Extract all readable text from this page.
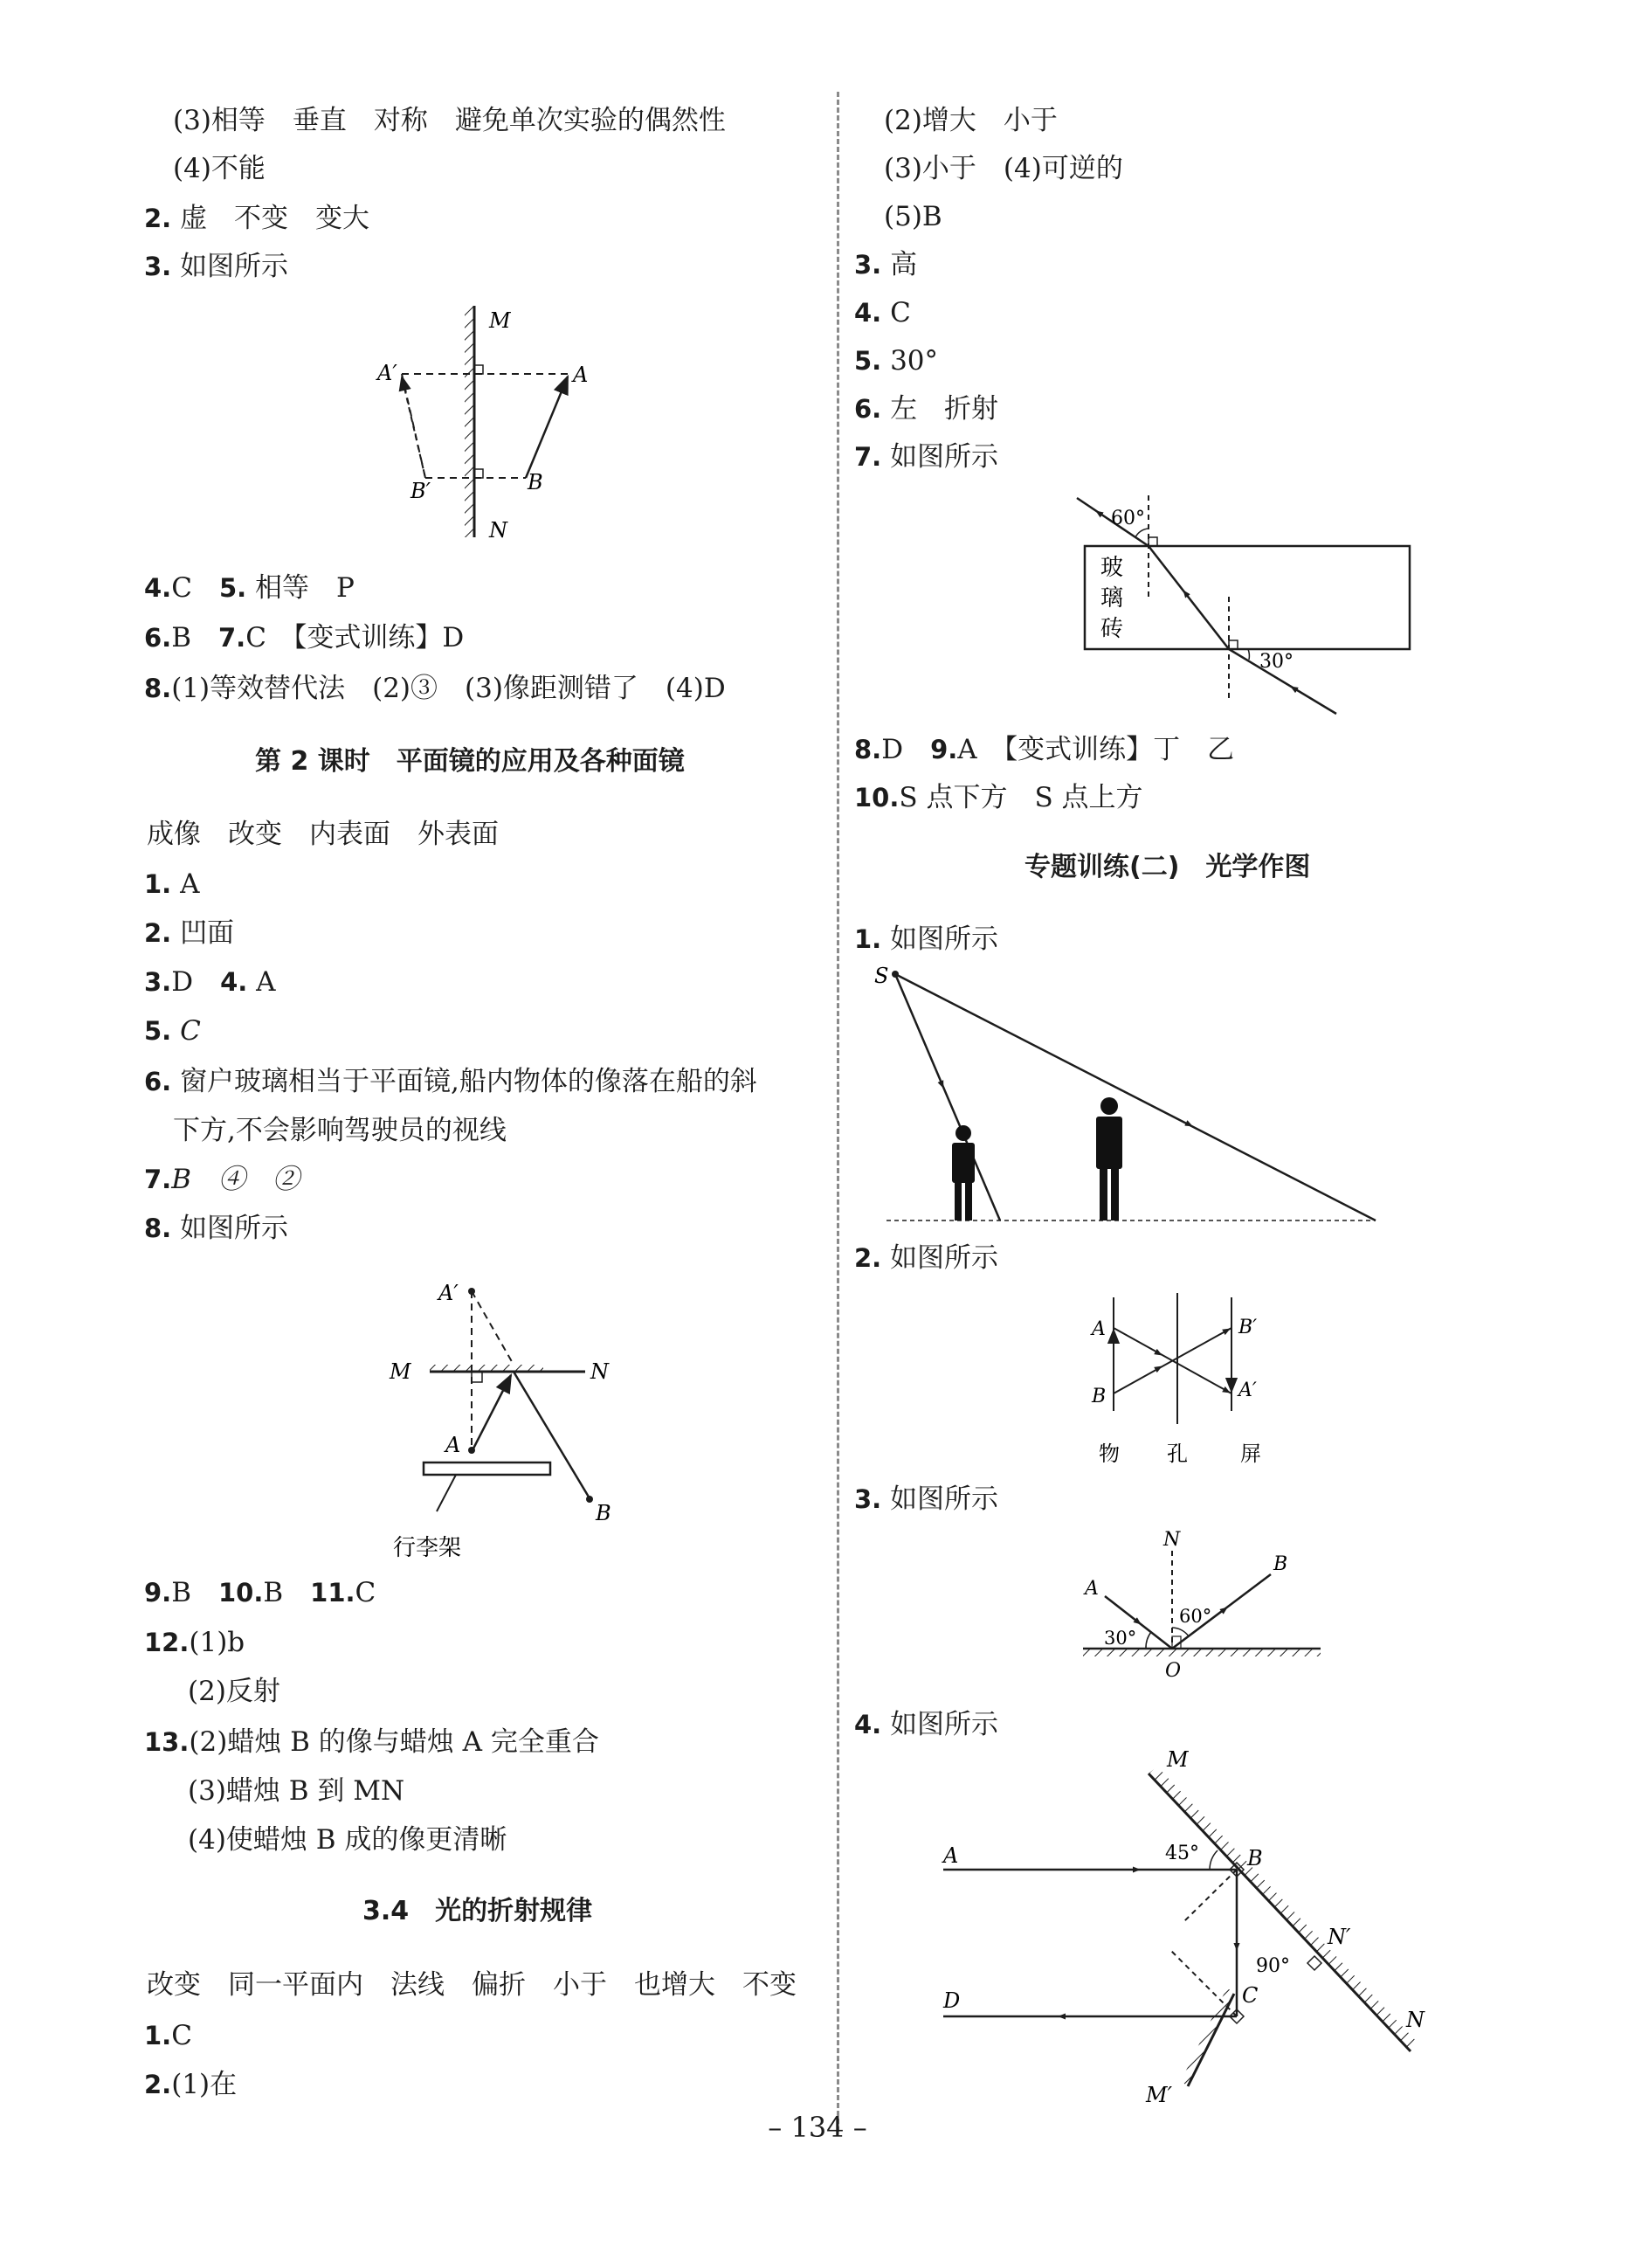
(3)相等　垂直　对称　避免单次实验的偶然性
(4)不能
2. 虚　不变　变大
3. 如图所示
M
N
A
A′
B
B′
4.C　 5. 相等　P
6.B　 7.C　【变式训练】D
8.(1)等效替代法　(2)③　(3)像距测错了　(4)D
第 2 课时　平面镜的应用及各种面镜
成像　改变　内表面　外表面
1. A
2. 凹面
3.D　 4. A
5. C
6. 窗户玻璃相当于平面镜,船内物体的像落在船的斜
下方,不会影响驾驶员的视线
7.B　④　②
8. 如图所示
A′
M	N
A
B
行李架
9.B　 10.B　 11.C
12.(1)b
(2)反射
13.(2)蜡烛 B 的像与蜡烛 A 完全重合
(3)蜡烛 B 到 MN
(4)使蜡烛 B 成的像更清晰
3.4　光的折射规律
改变　同一平面内　法线　偏折　小于　也增大　不变
1.C
2.(1)在
(2)增大　小于
(3)小于　(4)可逆的
(5)B
3. 高
4. C
5. 30°
6. 左　折射
7. 如图所示
60°
30°
玻
璃
砖
8.D　 9.A　【变式训练】丁　乙
10.S 点下方　S 点上方
专题训练(二)　光学作图
1. 如图所示
S
2. 如图所示
A
B
B′
A′
物 孔	屏
3. 如图所示
N
A
B
O
30°
60°
4. 如图所示
M
A	45° B
N′
90°
C
D
N
M′
– 134 –
